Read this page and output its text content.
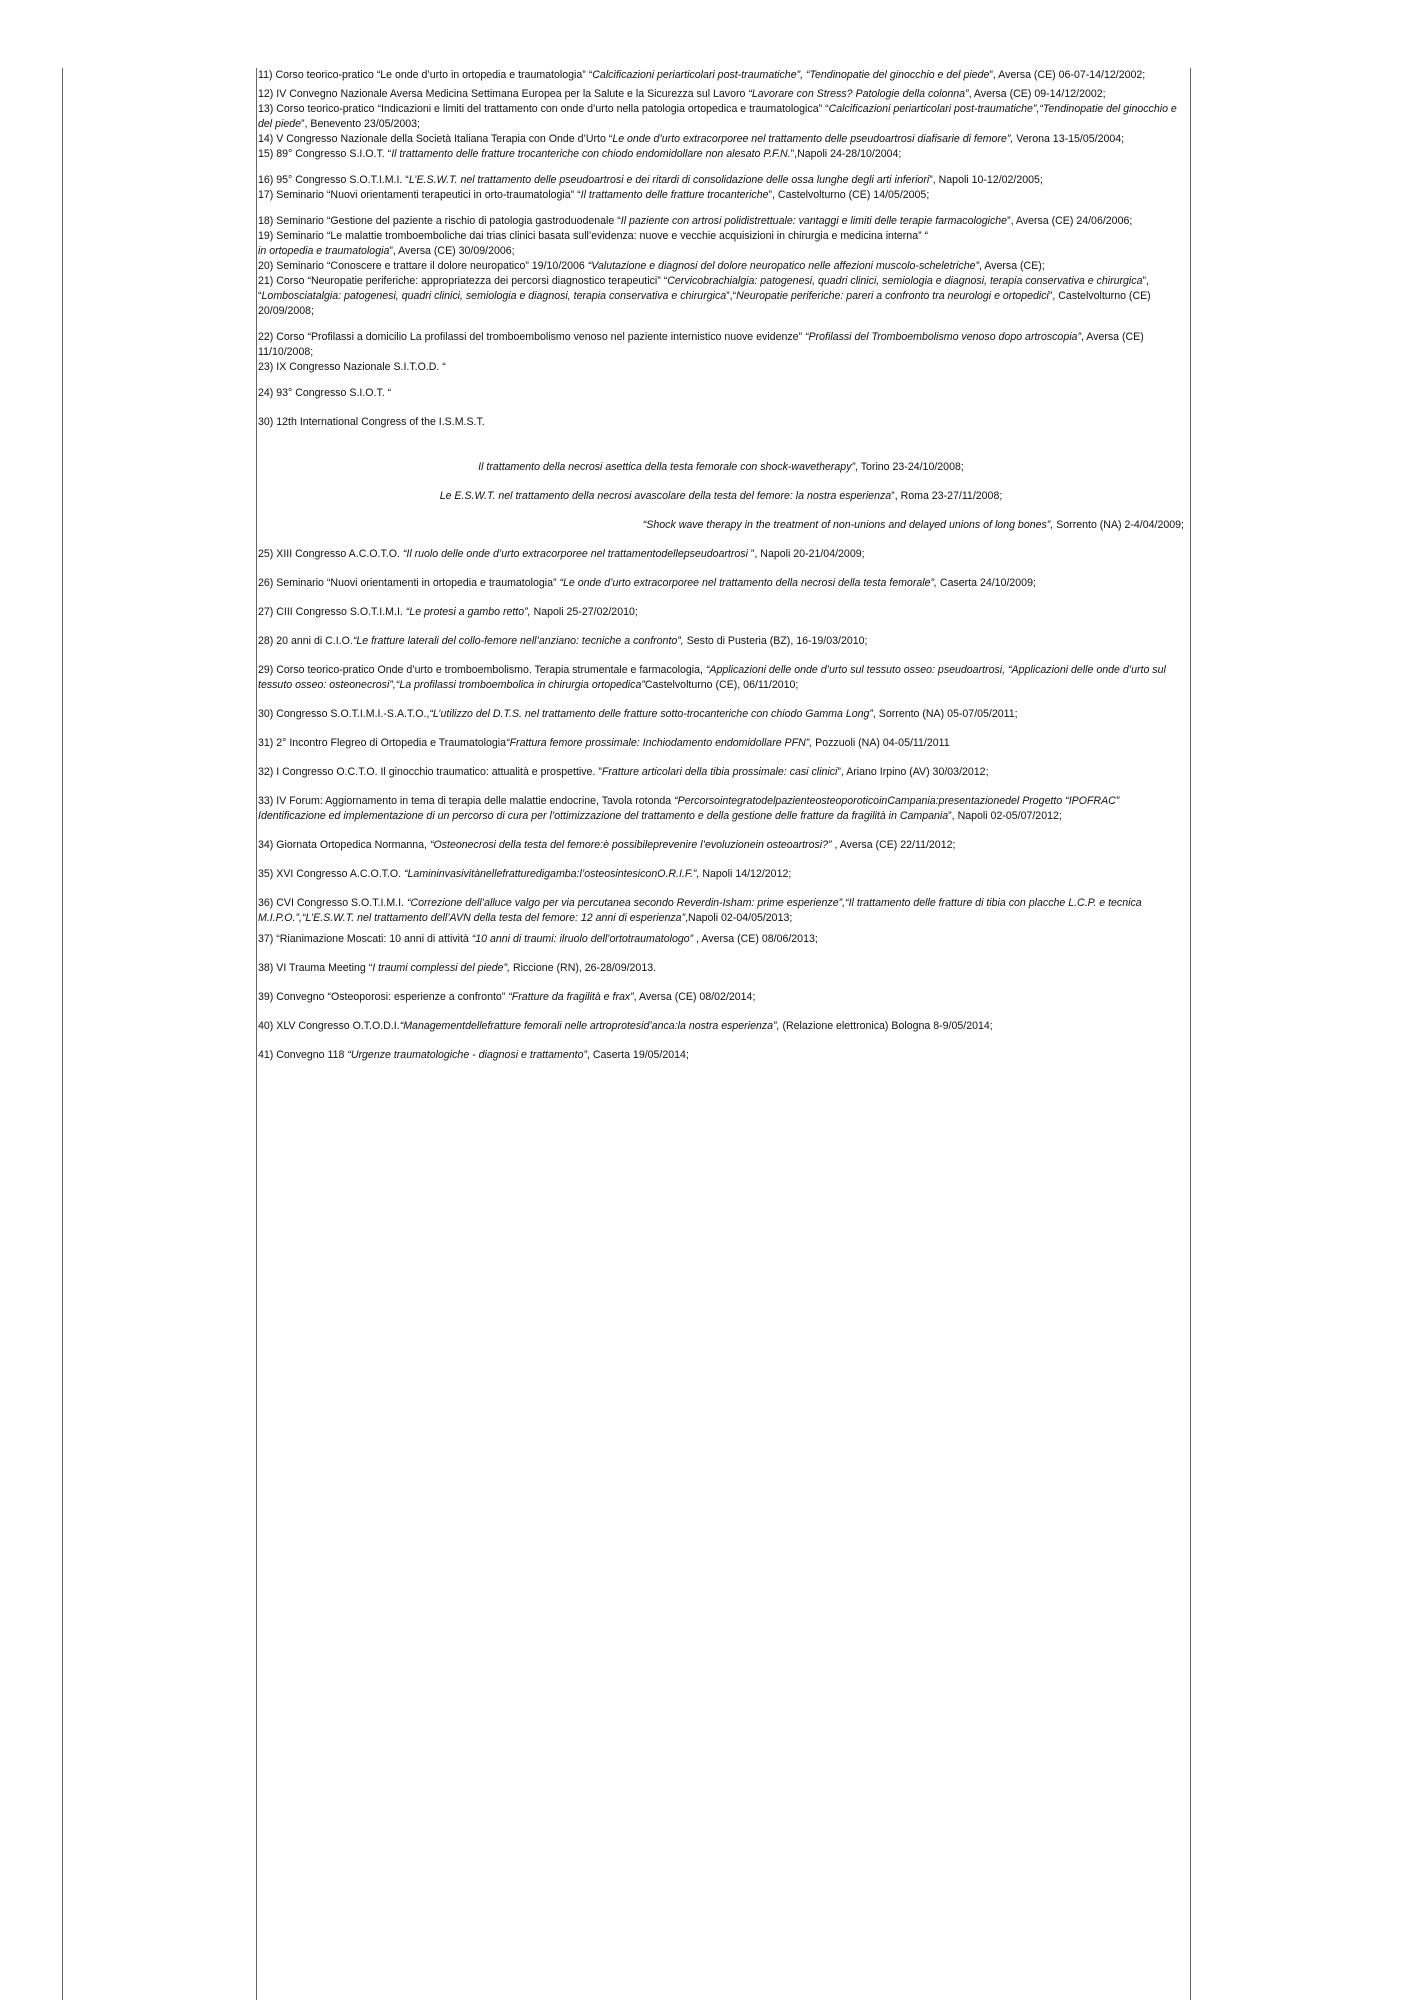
11) Corso teorico-pratico “Le onde d’urto in ortopedia e traumatologia” “Calcificazioni periarticolari post-traumatiche”, “Tendinopatie del ginocchio e del piede”, Aversa (CE) 06-07-14/12/2002;

12) IV Convegno Nazionale Aversa Medicina Settimana Europea per la Salute e la Sicurezza sul Lavoro “Lavorare con Stress? Patologie della colonna”, Aversa (CE) 09-14/12/2002;

13) Corso teorico-pratico “Indicazioni e limiti del trattamento con onde d’urto nella patologia ortopedica e traumatologica” “Calcificazioni periarticolari post-traumatiche”,“Tendinopatie del ginocchio e del piede”, Benevento 23/05/2003;

14) V Congresso Nazionale della Società Italiana Terapia con Onde d’Urto “Le onde d’urto extracorporee nel trattamento delle pseudoartrosi diafisarie di femore”, Verona 13-15/05/2004;

15) 89° Congresso S.I.O.T. “Il trattamento delle fratture trocanteriche con chiodo endomidollare non alesato P.F.N.”,Napoli 24-28/10/2004;

16) 95° Congresso S.O.T.I.M.I. “L’E.S.W.T. nel trattamento delle pseudoartrosi e dei ritardi di consolidazione delle ossa lunghe degli arti inferiori”, Napoli 10-12/02/2005;

17) Seminario “Nuovi orientamenti terapeutici in orto-traumatologia” “Il trattamento delle fratture trocanteriche”, Castelvolturno (CE) 14/05/2005;

18) Seminario “Gestione del paziente a rischio di patologia gastroduodenale “Il paziente con artrosi polidistrettuale: vantaggi e limiti delle terapie farmacologiche”, Aversa (CE) 24/06/2006;

19) Seminario “Le malattie tromboemboliche dai trias clinici basata sull’evidenza: nuove e vecchie acquisizioni in chirurgia e medicina interna” “

in ortopedia e traumatologia”, Aversa (CE) 30/09/2006;

20) Seminario “Conoscere e trattare il dolore neuropatico” 19/10/2006 “Valutazione e diagnosi del dolore neuropatico nelle affezioni muscolo-scheletriche”, Aversa (CE);

21) Corso “Neuropatie periferiche: appropriatezza dei percorsi diagnostico terapeutici” “Cervicobrachialgia: patogenesi, quadri clinici, semiologia e diagnosi, terapia conservativa e chirurgica”, “Lombosciatalgia: patogenesi, quadri clinici, semiologia e diagnosi, terapia conservativa e chirurgica”,“Neuropatie periferiche: pareri a confronto tra neurologi e ortopedici”, Castelvolturno (CE) 20/09/2008;

22) Corso “Profilassi a domicilio La profilassi del tromboembolismo venoso nel paziente internistico nuove evidenze” “Profilassi del Tromboembolismo venoso dopo artroscopia”, Aversa (CE) 11/10/2008;

23) IX Congresso Nazionale S.I.T.O.D. “

24) 93° Congresso S.I.O.T. “

30) 12th International Congress of the I.S.M.S.T.

Il trattamento della necrosi asettica della testa femorale con shock-wavetherapy”, Torino 23-24/10/2008;

Le E.S.W.T. nel trattamento della necrosi avascolare della testa del femore: la nostra esperienza”, Roma 23-27/11/2008;

“Shock wave therapy in the treatment of non-unions and delayed unions of long bones”, Sorrento (NA) 2-4/04/2009;

25) XIII Congresso A.C.O.T.O. “Il ruolo delle onde d’urto extracorporee nel trattamentodellepseudoartrosi ”, Napoli 20-21/04/2009;

26) Seminario “Nuovi orientamenti in ortopedia e traumatologia” “Le onde d’urto extracorporee nel trattamento della necrosi della testa femorale”, Caserta 24/10/2009;

27) CIII Congresso S.O.T.I.M.I. “Le protesi a gambo retto”, Napoli 25-27/02/2010;

28) 20 anni di C.I.O.“Le fratture laterali del collo-femore nell’anziano: tecniche a confronto”, Sesto di Pusteria (BZ), 16-19/03/2010;

29) Corso teorico-pratico Onde d’urto e tromboembolismo. Terapia strumentale e farmacologia, “Applicazioni delle onde d’urto sul tessuto osseo: pseudoartrosi, “Applicazioni delle onde d’urto sul tessuto osseo: osteonecrosi”,“La profilassi tromboembolica in chirurgia ortopedica”Castelvolturno (CE), 06/11/2010;

30) Congresso S.O.T.I.M.I.-S.A.T.O.,“L’utilizzo del D.T.S. nel trattamento delle fratture sotto-trocanteriche con chiodo Gamma Long”, Sorrento (NA) 05-07/05/2011;

31) 2° Incontro Flegreo di Ortopedia e Traumatologia“Frattura femore prossimale: Inchiodamento endomidollare PFN”, Pozzuoli (NA) 04-05/11/2011

32) I Congresso O.C.T.O. Il ginocchio traumatico: attualità e prospettive. ”Fratture articolari della tibia prossimale: casi clinici”, Ariano Irpino (AV) 30/03/2012;

33) IV Forum: Aggiornamento in tema di terapia delle malattie endocrine, Tavola rotonda “PercorsointegratodelpazienteosteoporoticoinCampania:presentazionedel Progetto “IPOFRAC” Identificazione ed implementazione di un percorso di cura per l’ottimizzazione del trattamento e della gestione delle fratture da fragilità in Campania”, Napoli 02-05/07/2012;

34) Giornata Ortopedica Normanna, “Osteonecrosi della testa del femore:è possibileprevenire l’evoluzionein osteoartrosi?” , Aversa (CE) 22/11/2012;

35) XVI Congresso A.C.O.T.O. “Lamininvasivitànellefratturedigamba:l’osteosintesiconO.R.I.F.”, Napoli 14/12/2012;

36) CVI Congresso S.O.T.I.M.I. “Correzione dell’alluce valgo per via percutanea secondo Reverdin-Isham: prime esperienze”,“Il trattamento delle fratture di tibia con placche L.C.P. e tecnica M.I.P.O.”,“L’E.S.W.T. nel trattamento dell’AVN della testa del femore: 12 anni di esperienza”,Napoli 02-04/05/2013;

37) “Rianimazione Moscati: 10 anni di attività “10 anni di traumi: ilruolo dell’ortotraumatologo” , Aversa (CE) 08/06/2013;

38) VI Trauma Meeting “I traumi complessi del piede”, Riccione (RN), 26-28/09/2013.

39) Convegno “Osteoporosi: esperienze a confronto” “Fratture da fragilità e frax”, Aversa (CE) 08/02/2014;

40) XLV Congresso O.T.O.D.I.“Managementdellefratture femorali nelle artroprotesid’anca:la nostra esperienza”, (Relazione elettronica) Bologna 8-9/05/2014;

41) Convegno 118 “Urgenze traumatologiche - diagnosi e trattamento”, Caserta 19/05/2014;
